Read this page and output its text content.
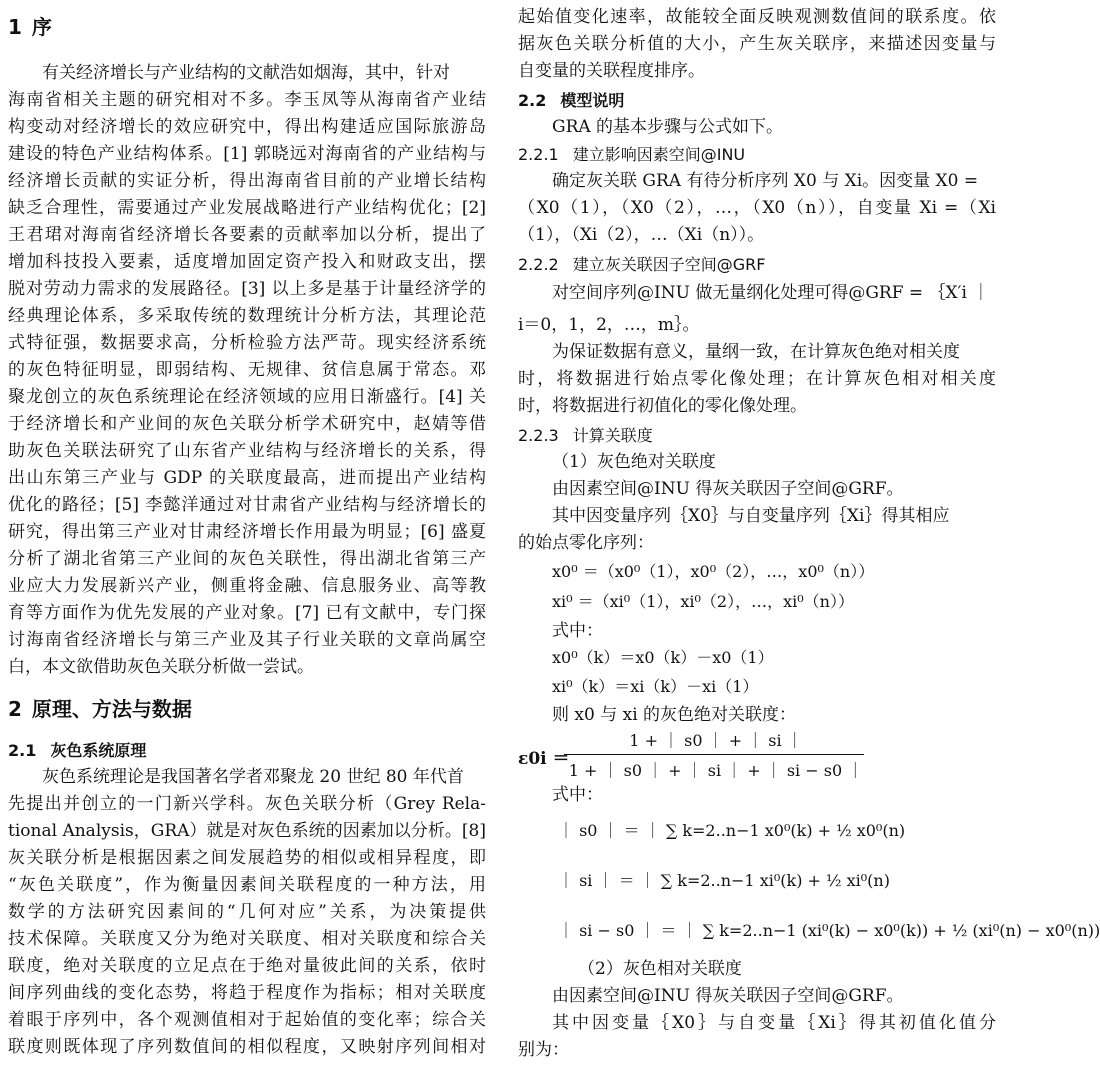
1 序
有关经济增长与产业结构的文献浩如烟海，其中，针对
海南省相关主题的研究相对不多。李玉凤等从海南省产业结
构变动对经济增长的效应研究中，得出构建适应国际旅游岛
建设的特色产业结构体系。[1] 郭晓远对海南省的产业结构与
经济增长贡献的实证分析，得出海南省目前的产业增长结构
缺乏合理性，需要通过产业发展战略进行产业结构优化；[2]
王君珺对海南省经济增长各要素的贡献率加以分析，提出了
增加科技投入要素，适度增加固定资产投入和财政支出，摆
脱对劳动力需求的发展路径。[3] 以上多是基于计量经济学的
经典理论体系，多采取传统的数理统计分析方法，其理论范
式特征强，数据要求高，分析检验方法严苛。现实经济系统
的灰色特征明显，即弱结构、无规律、贫信息属于常态。邓
聚龙创立的灰色系统理论在经济领域的应用日渐盛行。[4] 关
于经济增长和产业间的灰色关联分析学术研究中，赵婧等借
助灰色关联法研究了山东省产业结构与经济增长的关系，得
出山东第三产业与 GDP 的关联度最高，进而提出产业结构
优化的路径；[5] 李懿洋通过对甘肃省产业结构与经济增长的
研究，得出第三产业对甘肃经济增长作用最为明显；[6] 盛夏
分析了湖北省第三产业间的灰色关联性，得出湖北省第三产
业应大力发展新兴产业，侧重将金融、信息服务业、高等教
育等方面作为优先发展的产业对象。[7] 已有文献中，专门探
讨海南省经济增长与第三产业及其子行业关联的文章尚属空
白，本文欲借助灰色关联分析做一尝试。
2 原理、方法与数据
2.1 灰色系统原理
灰色系统理论是我国著名学者邓聚龙 20 世纪 80 年代首
先提出并创立的一门新兴学科。灰色关联分析（Grey Rela-
tional Analysis，GRA）就是对灰色系统的因素加以分析。[8]
灰关联分析是根据因素之间发展趋势的相似或相异程度，即
“灰色关联度”，作为衡量因素间关联程度的一种方法，用
数学的方法研究因素间的“几何对应”关系，为决策提供
技术保障。关联度又分为绝对关联度、相对关联度和综合关
联度，绝对关联度的立足点在于绝对量彼此间的关系，依时
间序列曲线的变化态势，将趋于程度作为指标；相对关联度
着眼于序列中，各个观测值相对于起始值的变化率；综合关
联度则既体现了序列数值间的相似程度，又映射序列间相对
起始值变化速率，故能较全面反映观测数值间的联系度。依
据灰色关联分析值的大小，产生灰关联序，来描述因变量与
自变量的关联程度排序。
2.2 模型说明
GRA 的基本步骤与公式如下。
2.2.1 建立影响因素空间@INU
确定灰关联 GRA 有待分析序列 X0 与 Xi。因变量 X0 =
（X0（1），（X0（2），…，（X0（n）），自变量 Xi =（Xi
（1），（Xi（2），…（Xi（n））。
2.2.2 建立灰关联因子空间@GRF
对空间序列@INU 做无量纲化处理可得@GRF = ｛X′i ｜
i＝0，1，2，…，m｝。
为保证数据有意义，量纲一致，在计算灰色绝对相关度
时，将数据进行始点零化像处理；在计算灰色相对相关度
时，将数据进行初值化的零化像处理。
2.2.3 计算关联度
（1）灰色绝对关联度
由因素空间@INU 得灰关联因子空间@GRF。
其中因变量序列｛X0｝与自变量序列｛Xi｝得其相应
的始点零化序列：
x0⁰ ＝（x0⁰（1），x0⁰（2），…，x0⁰（n））
xi⁰ ＝（xi⁰（1），xi⁰（2），…，xi⁰（n））
式中：
x0⁰（k）＝x0（k）－x0（1）
xi⁰（k）＝xi（k）－xi（1）
则 x0 与 xi 的灰色绝对关联度：
ε0i ＝
1 + ｜ s0 ｜ + ｜ si ｜
1 + ｜ s0 ｜ + ｜ si ｜ + ｜ si − s0 ｜
式中：
｜ s0 ｜ ＝ ｜ ∑ k=2..n−1 x0⁰(k) + ½ x0⁰(n)
｜ si ｜ ＝ ｜ ∑ k=2..n−1 xi⁰(k) + ½ xi⁰(n)
｜ si − s0 ｜ ＝ ｜ ∑ k=2..n−1 (xi⁰(k) − x0⁰(k)) + ½ (xi⁰(n) − x0⁰(n))
（2）灰色相对关联度
由因素空间@INU 得灰关联因子空间@GRF。
其中因变量｛X0｝与自变量｛Xi｝得其初值化值分
别为：
